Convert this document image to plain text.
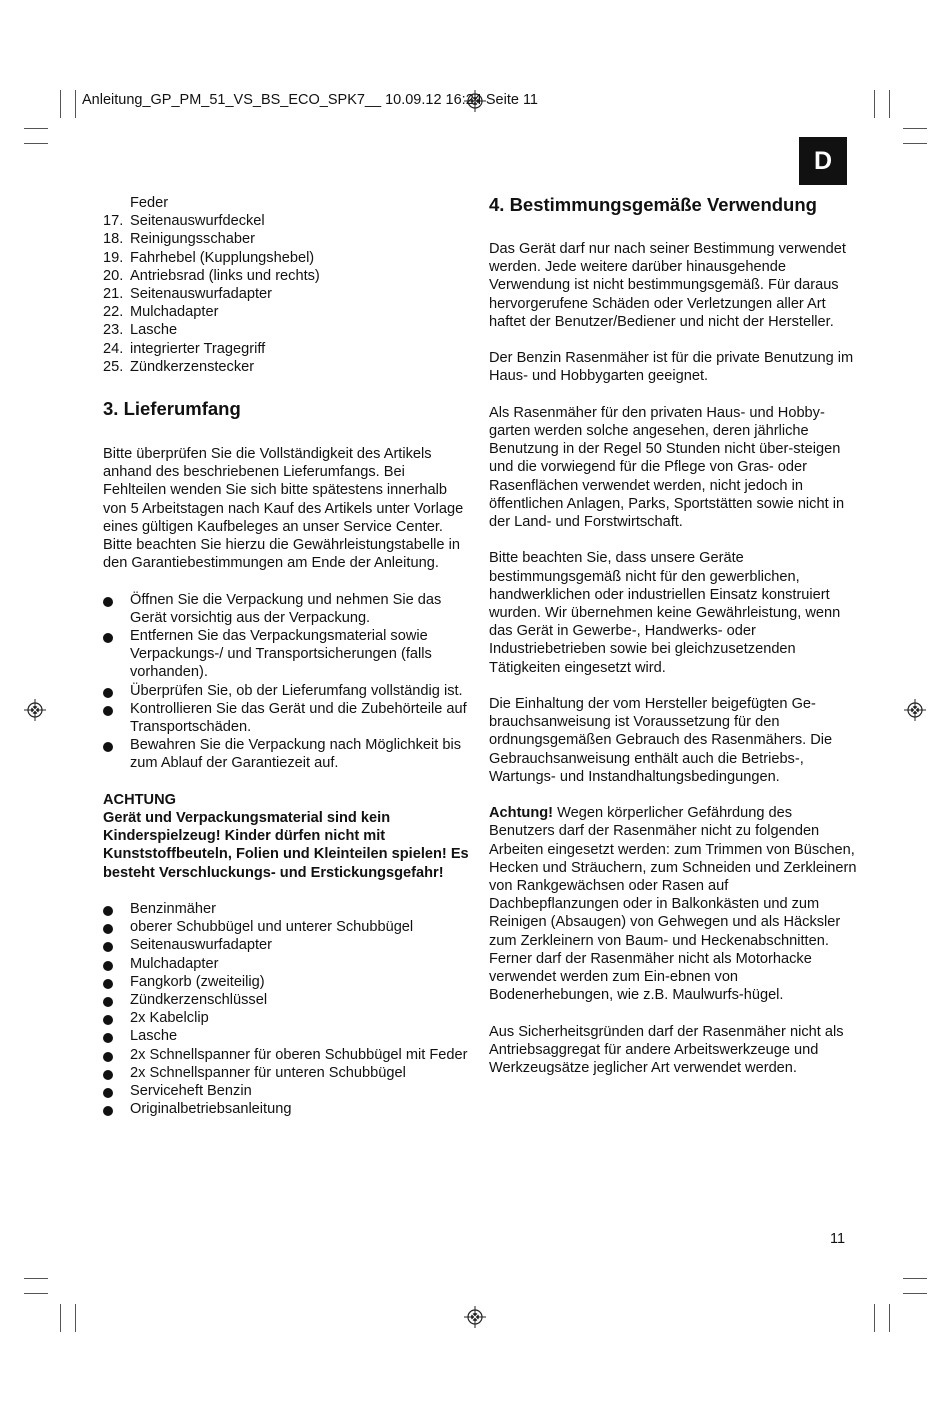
Anleitung_GP_PM_51_VS_BS_ECO_SPK7__ 10.09.12 16:24 Seite 11
D
Feder
17. Seitenauswurfdeckel
18. Reinigungsschaber
19. Fahrhebel (Kupplungshebel)
20. Antriebsrad (links und rechts)
21. Seitenauswurfadapter
22. Mulchadapter
23. Lasche
24. integrierter Tragegriff
25. Zündkerzenstecker
3. Lieferumfang

Bitte überprüfen Sie die Vollständigkeit des Artikels anhand des beschriebenen Lieferumfangs. Bei Fehlteilen wenden Sie sich bitte spätestens innerhalb von 5 Arbeitstagen nach Kauf des Artikels unter Vorlage eines gültigen Kaufbeleges an unser Service Center. Bitte beachten Sie hierzu die Gewährleistungstabelle in den Garantiebestimmungen am Ende der Anleitung.

Öffnen Sie die Verpackung und nehmen Sie das Gerät vorsichtig aus der Verpackung.
Entfernen Sie das Verpackungsmaterial sowie Verpackungs-/ und Transportsicherungen (falls vorhanden).
Überprüfen Sie, ob der Lieferumfang vollständig ist.
Kontrollieren Sie das Gerät und die Zubehörteile auf Transportschäden.
Bewahren Sie die Verpackung nach Möglichkeit bis zum Ablauf der Garantiezeit auf.
ACHTUNG
Gerät und Verpackungsmaterial sind kein Kinderspielzeug! Kinder dürfen nicht mit Kunststoffbeuteln, Folien und Kleinteilen spielen! Es besteht Verschluckungs- und Erstickungsgefahr!
Benzinmäher
oberer Schubbügel und unterer Schubbügel
Seitenauswurfadapter
Mulchadapter
Fangkorb (zweiteilig)
Zündkerzenschlüssel
2x Kabelclip
Lasche
2x Schnellspanner für oberen Schubbügel mit Feder
2x Schnellspanner für unteren Schubbügel
Serviceheft Benzin
Originalbetriebsanleitung
4. Bestimmungsgemäße Verwendung

Das Gerät darf nur nach seiner Bestimmung verwendet werden. Jede weitere darüber hinausgehende Verwendung ist nicht bestimmungsgemäß. Für daraus hervorgerufene Schäden oder Verletzungen aller Art haftet der Benutzer/Bediener und nicht der Hersteller.

Der Benzin Rasenmäher ist für die private Benutzung im Haus- und Hobbygarten geeignet.

Als Rasenmäher für den privaten Haus- und Hobby-garten werden solche angesehen, deren jährliche Benutzung in der Regel 50 Stunden nicht über-steigen und die vorwiegend für die Pflege von Gras- oder Rasenflächen verwendet werden, nicht jedoch in öffentlichen Anlagen, Parks, Sportstätten sowie nicht in der Land- und Forstwirtschaft.

Bitte beachten Sie, dass unsere Geräte bestimmungsgemäß nicht für den gewerblichen, handwerklichen oder industriellen Einsatz konstruiert wurden. Wir übernehmen keine Gewährleistung, wenn das Gerät in Gewerbe-, Handwerks- oder Industriebetrieben sowie bei gleichzusetzenden Tätigkeiten eingesetzt wird.

Die Einhaltung der vom Hersteller beigefügten Ge-brauchsanweisung ist Voraussetzung für den ordnungsgemäßen Gebrauch des Rasenmähers. Die Gebrauchsanweisung enthält auch die Betriebs-, Wartungs- und Instandhaltungsbedingungen.

Achtung! Wegen körperlicher Gefährdung des Benutzers darf der Rasenmäher nicht zu folgenden Arbeiten eingesetzt werden: zum Trimmen von Büschen, Hecken und Sträuchern, zum Schneiden und Zerkleinern von Rankgewächsen oder Rasen auf Dachbepflanzungen oder in Balkonkästen und zum Reinigen (Absaugen) von Gehwegen und als Häcksler zum Zerkleinern von Baum- und Heckenabschnitten. Ferner darf der Rasenmäher nicht als Motorhacke verwendet werden zum Ein-ebnen von Bodenerhebungen, wie z.B. Maulwurfs-hügel.

Aus Sicherheitsgründen darf der Rasenmäher nicht als Antriebsaggregat für andere Arbeitswerkzeuge und Werkzeugsätze jeglicher Art verwendet werden.

11
